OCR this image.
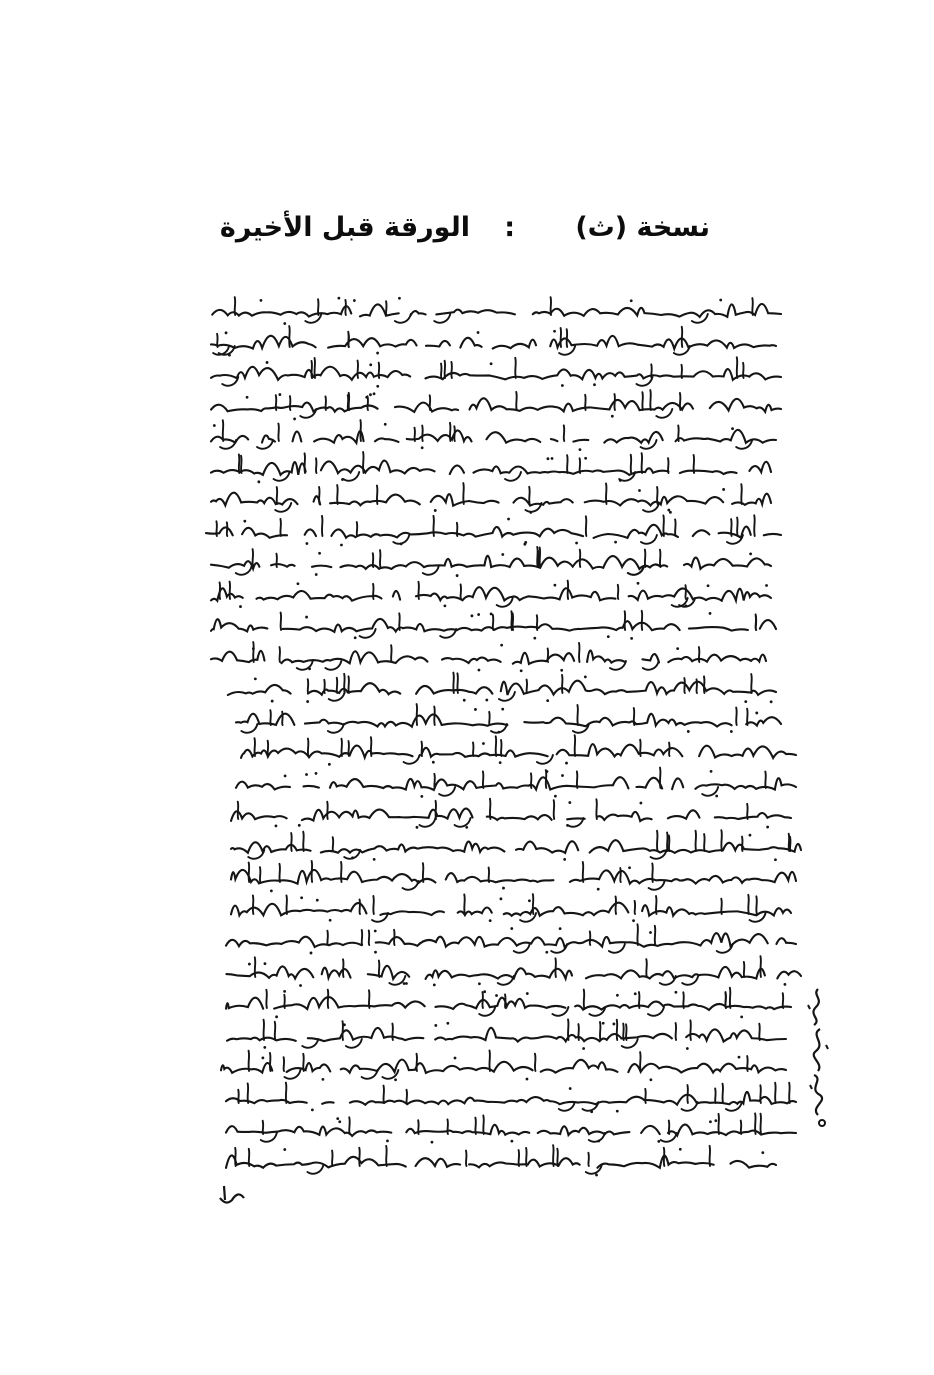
نسخة (ث)
:
الورقة قبل الأخيرة
